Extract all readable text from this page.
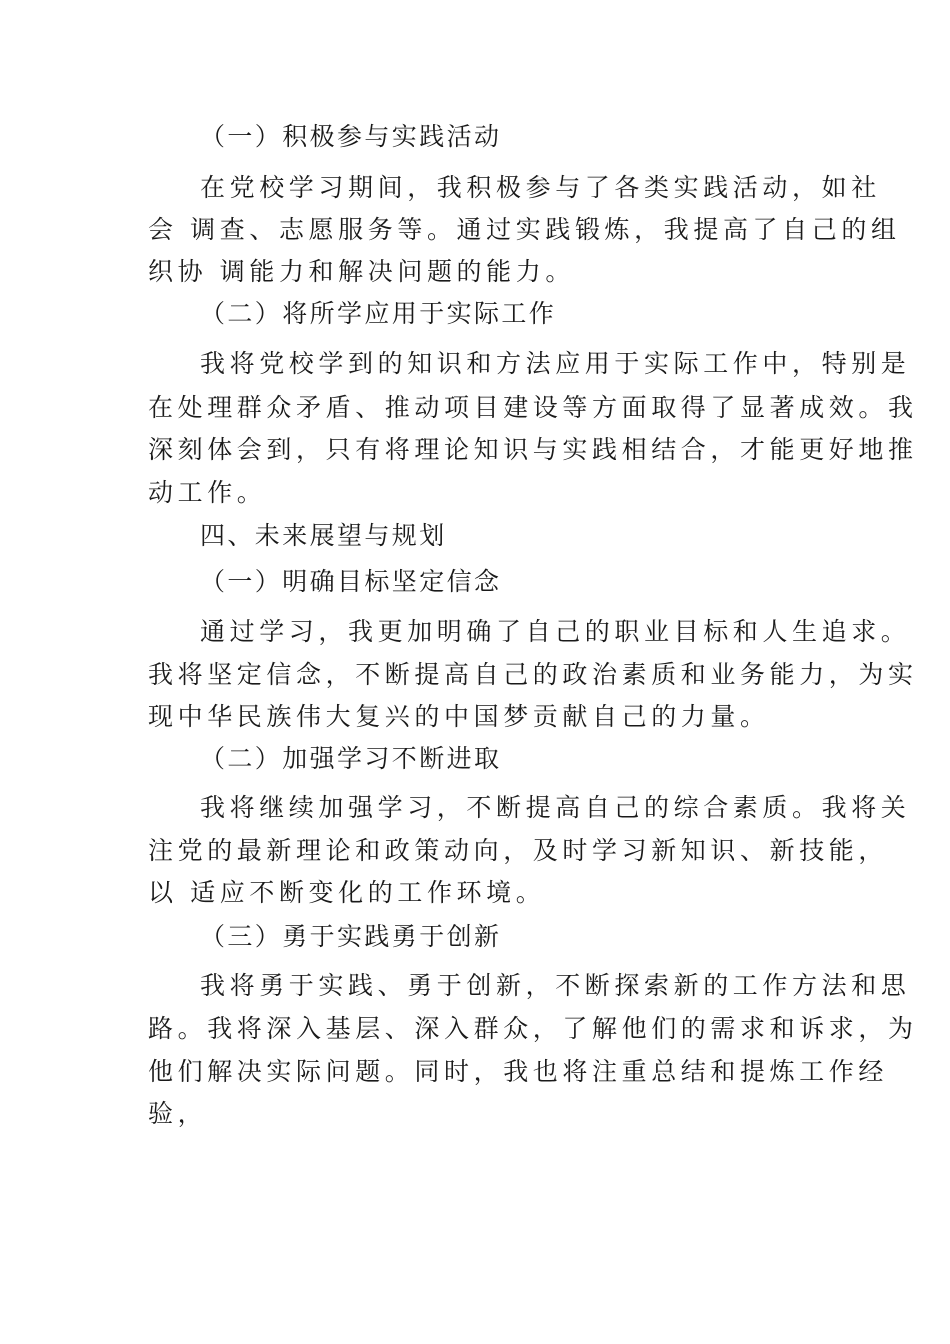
（一）积极参与实践活动

在党校学习期间，我积极参与了各类实践活动，如社

会 调查、志愿服务等。通过实践锻炼，我提高了自己的组

织协 调能力和解决问题的能力。

（二）将所学应用于实际工作

我将党校学到的知识和方法应用于实际工作中，特别是

在处理群众矛盾、推动项目建设等方面取得了显著成效。我

深刻体会到，只有将理论知识与实践相结合，才能更好地推

动工作。

四、未来展望与规划

（一）明确目标坚定信念

通过学习，我更加明确了自己的职业目标和人生追求。

我将坚定信念，不断提高自己的政治素质和业务能力，为实

现中华民族伟大复兴的中国梦贡献自己的力量。

（二）加强学习不断进取

我将继续加强学习，不断提高自己的综合素质。我将关

注党的最新理论和政策动向，及时学习新知识、新技能，

以 适应不断变化的工作环境。

（三）勇于实践勇于创新

我将勇于实践、勇于创新，不断探索新的工作方法和思

路。我将深入基层、深入群众，了解他们的需求和诉求，为

他们解决实际问题。同时，我也将注重总结和提炼工作经

验，
